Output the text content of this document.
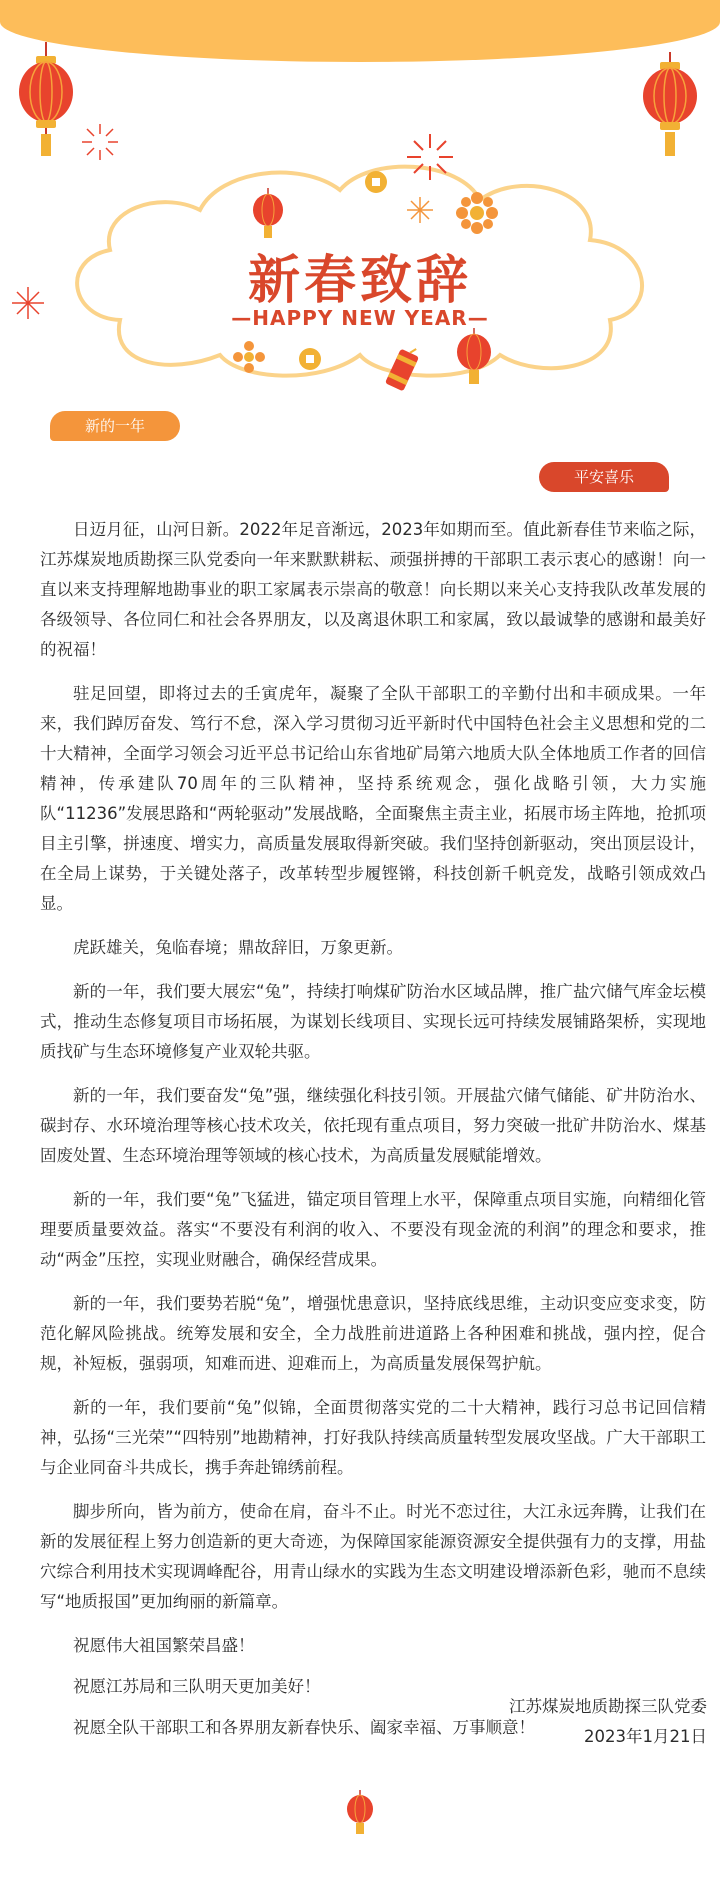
新春致辞
—HAPPY NEW YEAR—
新的一年
平安喜乐

日迈月征，山河日新。2022年足音渐远，2023年如期而至。值此新春佳节来临之际，江苏煤炭地质勘探三队党委向一年来默默耕耘、顽强拼搏的干部职工表示衷心的感谢！向一直以来支持理解地勘事业的职工家属表示崇高的敬意！向长期以来关心支持我队改革发展的各级领导、各位同仁和社会各界朋友，以及离退休职工和家属，致以最诚挚的感谢和最美好的祝福！

驻足回望，即将过去的壬寅虎年，凝聚了全队干部职工的辛勤付出和丰硕成果。一年来，我们踔厉奋发、笃行不怠，深入学习贯彻习近平新时代中国特色社会主义思想和党的二十大精神，全面学习领会习近平总书记给山东省地矿局第六地质大队全体地质工作者的回信精神，传承建队70周年的三队精神，坚持系统观念，强化战略引领，大力实施队“11236”发展思路和“两轮驱动”发展战略，全面聚焦主责主业，拓展市场主阵地，抢抓项目主引擎，拼速度、增实力，高质量发展取得新突破。我们坚持创新驱动，突出顶层设计，在全局上谋势，于关键处落子，改革转型步履铿锵，科技创新千帆竞发，战略引领成效凸显。

虎跃雄关，兔临春境；鼎故辞旧，万象更新。

新的一年，我们要大展宏“兔”，持续打响煤矿防治水区域品牌，推广盐穴储气库金坛模式，推动生态修复项目市场拓展，为谋划长线项目、实现长远可持续发展铺路架桥，实现地质找矿与生态环境修复产业双轮共驱。

新的一年，我们要奋发“兔”强，继续强化科技引领。开展盐穴储气储能、矿井防治水、碳封存、水环境治理等核心技术攻关，依托现有重点项目，努力突破一批矿井防治水、煤基固废处置、生态环境治理等领域的核心技术，为高质量发展赋能增效。

新的一年，我们要“兔”飞猛进，锚定项目管理上水平，保障重点项目实施，向精细化管理要质量要效益。落实“不要没有利润的收入、不要没有现金流的利润”的理念和要求，推动“两金”压控，实现业财融合，确保经营成果。

新的一年，我们要势若脱“兔”，增强忧患意识，坚持底线思维，主动识变应变求变，防范化解风险挑战。统筹发展和安全，全力战胜前进道路上各种困难和挑战，强内控，促合规，补短板，强弱项，知难而进、迎难而上，为高质量发展保驾护航。

新的一年，我们要前“兔”似锦，全面贯彻落实党的二十大精神，践行习总书记回信精神，弘扬“三光荣”“四特别”地勘精神，打好我队持续高质量转型发展攻坚战。广大干部职工与企业同奋斗共成长，携手奔赴锦绣前程。

脚步所向，皆为前方，使命在肩，奋斗不止。时光不恋过往，大江永远奔腾，让我们在新的发展征程上努力创造新的更大奇迹，为保障国家能源资源安全提供强有力的支撑，用盐穴综合利用技术实现调峰配谷，用青山绿水的实践为生态文明建设增添新色彩，驰而不息续写“地质报国”更加绚丽的新篇章。

祝愿伟大祖国繁荣昌盛！

祝愿江苏局和三队明天更加美好！

祝愿全队干部职工和各界朋友新春快乐、阖家幸福、万事顺意！

江苏煤炭地质勘探三队党委
2023年1月21日
